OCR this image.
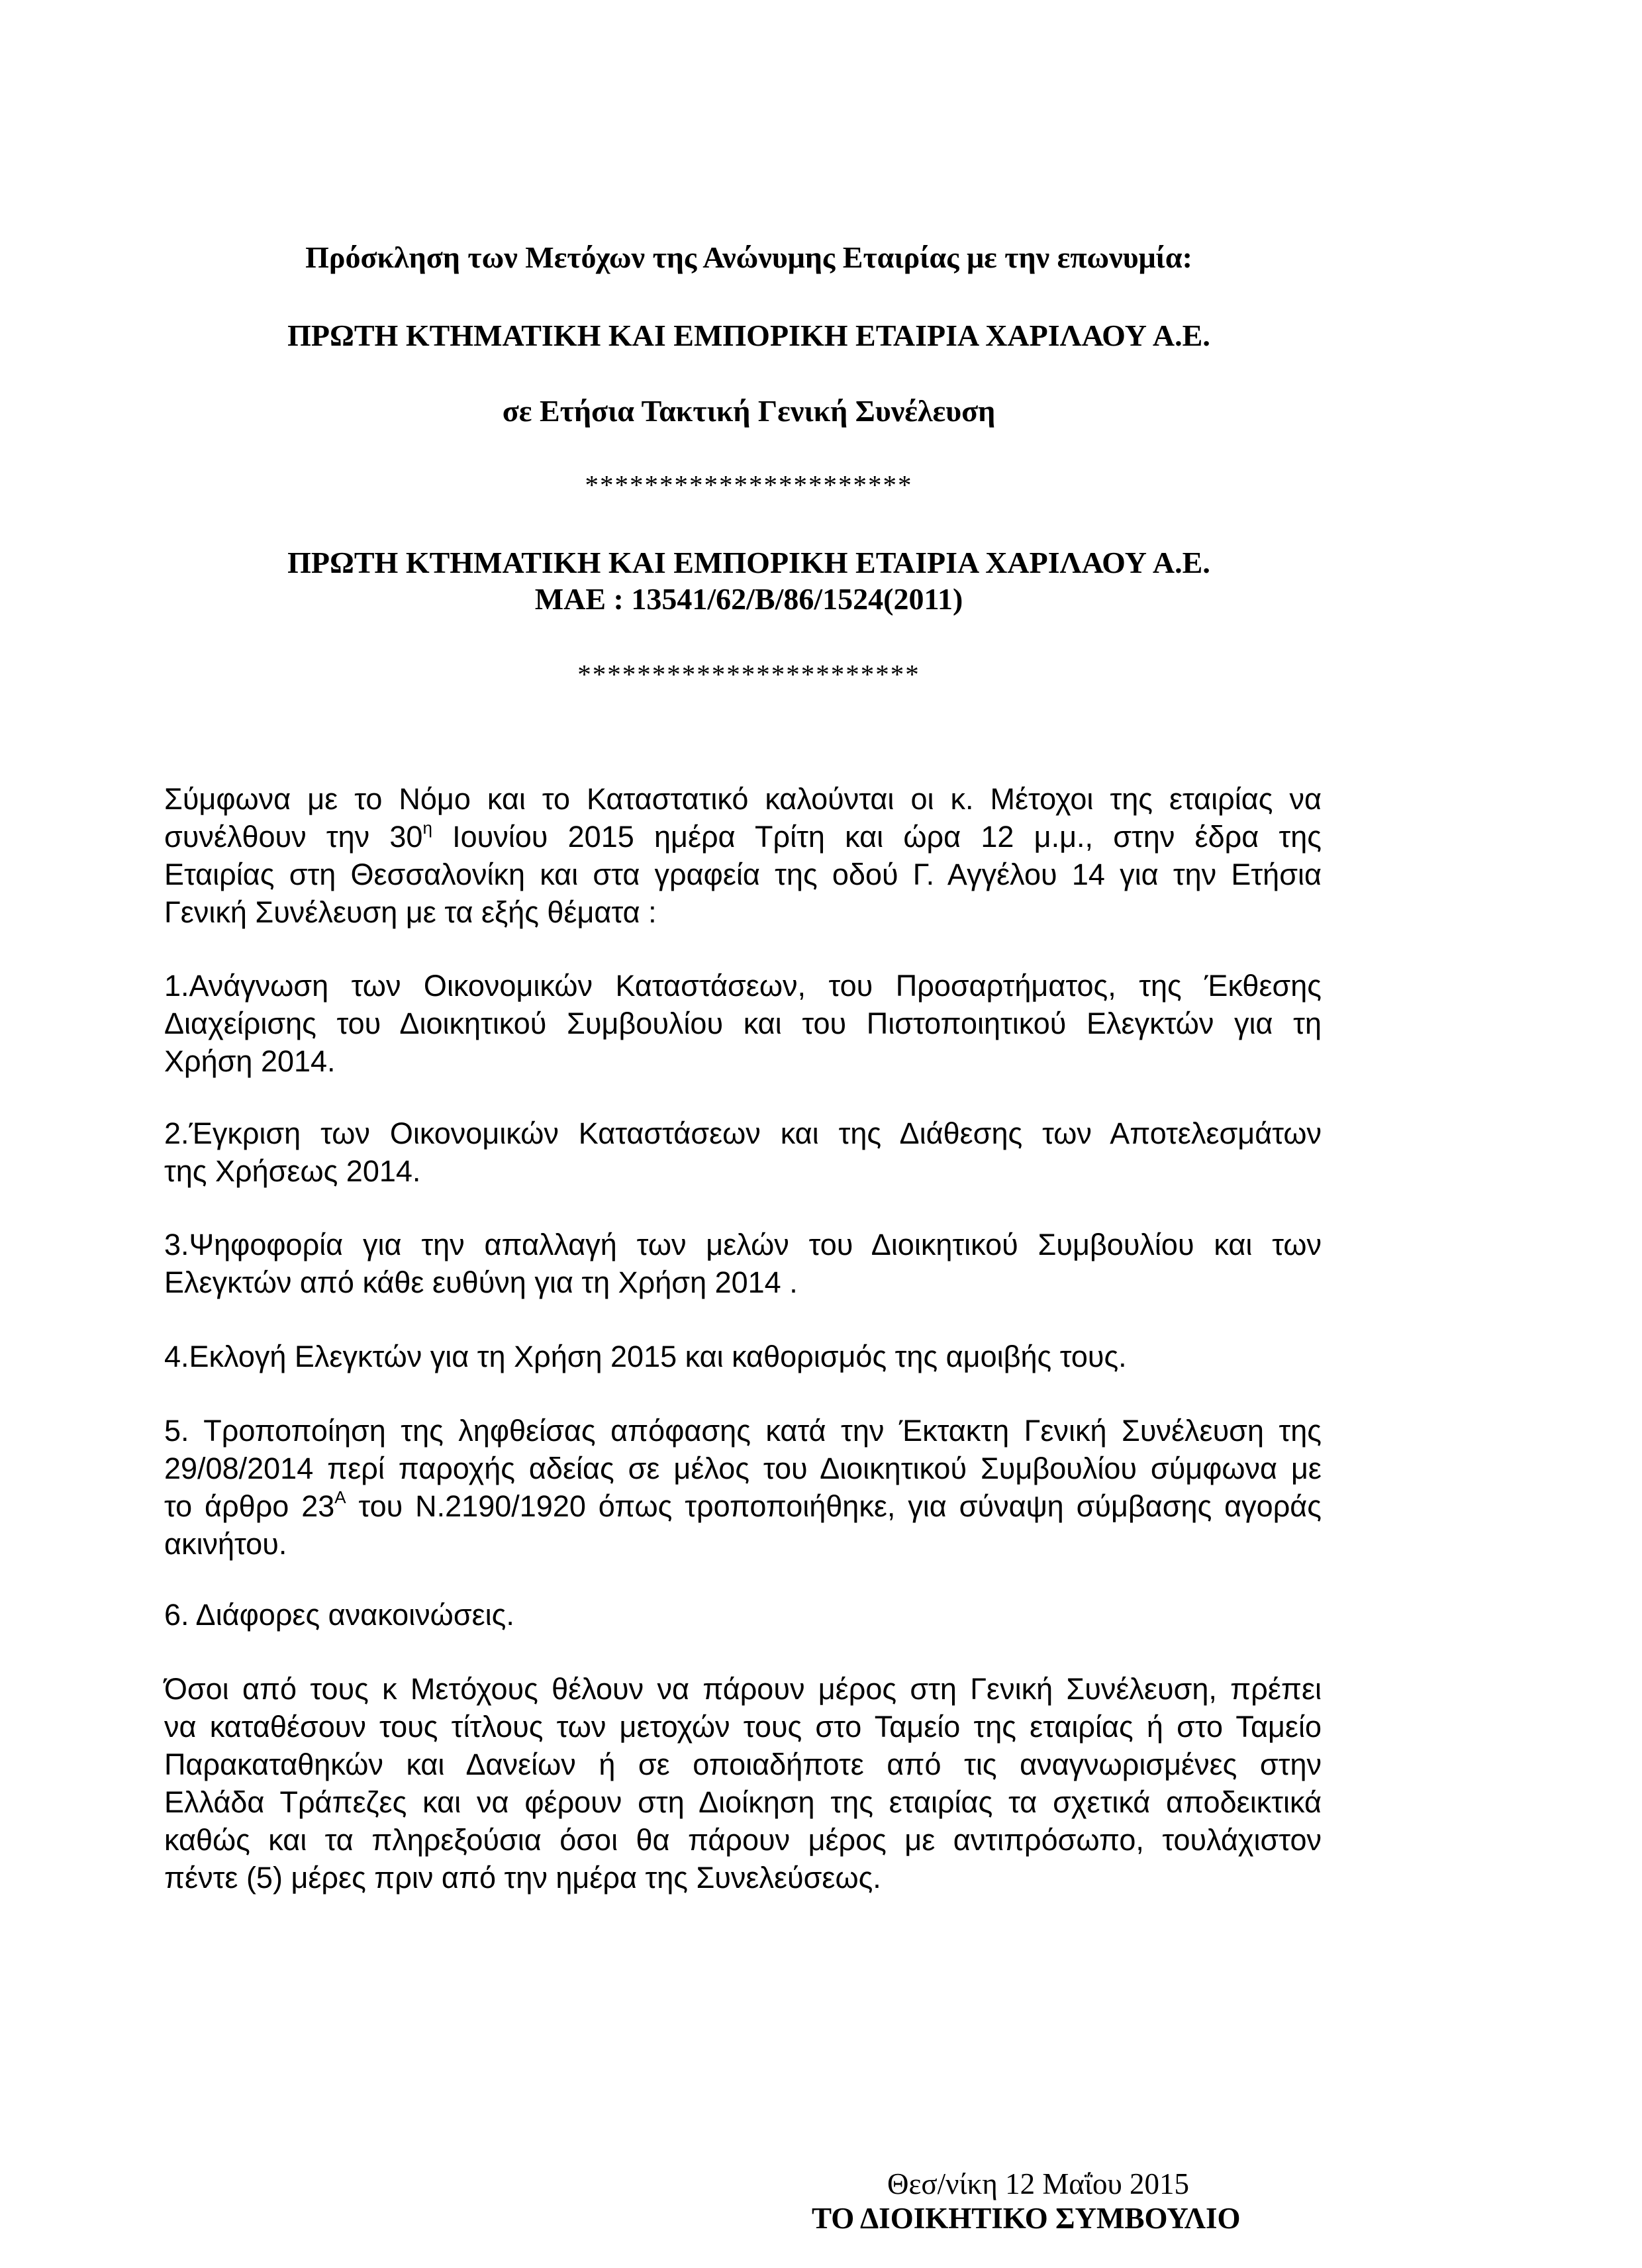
Πρόσκληση των Μετόχων της Ανώνυμης Εταιρίας με την επωνυμία:
ΠΡΩΤΗ ΚΤΗΜΑΤΙΚΗ ΚΑΙ ΕΜΠΟΡΙΚΗ ΕΤΑΙΡΙΑ ΧΑΡΙΛΑΟΥ Α.Ε.
σε Ετήσια Τακτική Γενική Συνέλευση
**********************
ΠΡΩΤΗ ΚΤΗΜΑΤΙΚΗ ΚΑΙ ΕΜΠΟΡΙΚΗ ΕΤΑΙΡΙΑ ΧΑΡΙΛΑΟΥ Α.Ε.
ΜΑΕ : 13541/62/Β/86/1524(2011)
***********************
Σύμφωνα με το Νόμο και το Καταστατικό καλούνται οι κ. Μέτοχοι της εταιρίας να
συνέλθουν την $30^\eta$ Ιουνίου 2015 ημέρα Τρίτη και ώρα 12 μ.μ., στην έδρα της
Εταιρίας στη Θεσσαλονίκη και στα γραφεία της οδού Γ. Αγγέλου 14 για την Ετήσια
Γενική Συνέλευση με τα εξής θέματα :
1.Ανάγνωση των Οικονομικών Καταστάσεων, του Προσαρτήματος, της Έκθεσης
Διαχείρισης του Διοικητικού Συμβουλίου και του Πιστοποιητικού Ελεγκτών για τη
Χρήση 2014.
2.Έγκριση των Οικονομικών Καταστάσεων και της Διάθεσης των Αποτελεσμάτων
της Χρήσεως 2014.
3.Ψηφοφορία για την απαλλαγή των μελών του Διοικητικού Συμβουλίου και των
Ελεγκτών από κάθε ευθύνη για τη Χρήση 2014 .
4.Εκλογή Ελεγκτών για τη Χρήση 2015 και καθορισμός της αμοιβής τους.
5. Τροποποίηση της ληφθείσας απόφασης κατά την Έκτακτη Γενική Συνέλευση της
29/08/2014 περί παροχής αδείας σε μέλος του Διοικητικού Συμβουλίου σύμφωνα με
το άρθρο $23^A$ του Ν.2190/1920 όπως τροποποιήθηκε, για σύναψη σύμβασης αγοράς
ακινήτου.
6. Διάφορες ανακοινώσεις.
Όσοι από τους κ Μετόχους θέλουν να πάρουν μέρος στη Γενική Συνέλευση, πρέπει
να καταθέσουν τους τίτλους των μετοχών τους στο Ταμείο της εταιρίας ή στο Ταμείο
Παρακαταθηκών και Δανείων ή σε οποιαδήποτε από τις αναγνωρισμένες στην
Ελλάδα Τράπεζες και να φέρουν στη Διοίκηση της εταιρίας τα σχετικά αποδεικτικά
καθώς και τα πληρεξούσια όσοι θα πάρουν μέρος με αντιπρόσωπο, τουλάχιστον
πέντε (5) μέρες πριν από την ημέρα της Συνελεύσεως.
Θεσ/νίκη 12 Μαΐου 2015
ΤΟ ΔΙΟΙΚΗΤΙΚΟ ΣΥΜΒΟΥΛΙΟ
